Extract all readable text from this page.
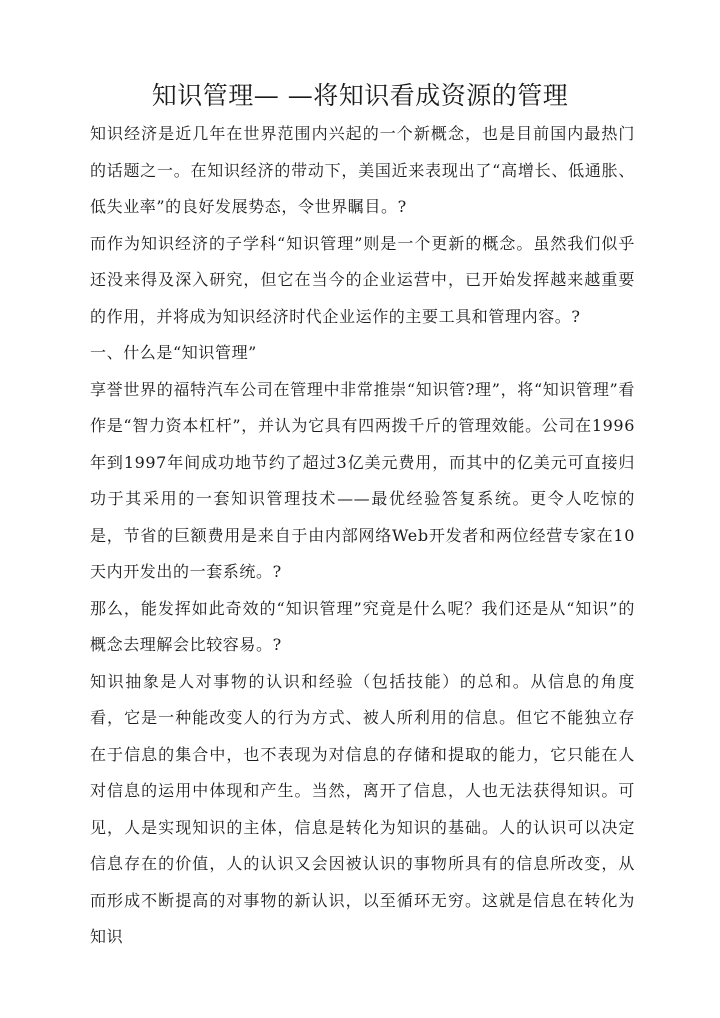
知识管理— —将知识看成资源的管理

知识经济是近几年在世界范围内兴起的一个新概念，也是目前国内最热门的话题之一。在知识经济的带动下，美国近来表现出了“高增长、低通胀、低失业率”的良好发展势态，令世界瞩目。?

而作为知识经济的子学科“知识管理”则是一个更新的概念。虽然我们似乎还没来得及深入研究，但它在当今的企业运营中，已开始发挥越来越重要的作用，并将成为知识经济时代企业运作的主要工具和管理内容。?

一、什么是“知识管理”

享誉世界的福特汽车公司在管理中非常推崇“知识管?理”，将“知识管理”看作是“智力资本杠杆”，并认为它具有四两拨千斤的管理效能。公司在1996年到1997年间成功地节约了超过3亿美元费用，而其中的亿美元可直接归功于其采用的一套知识管理技术——最优经验答复系统。更令人吃惊的是，节省的巨额费用是来自于由内部网络Web开发者和两位经营专家在10天内开发出的一套系统。?

那么，能发挥如此奇效的“知识管理”究竟是什么呢？我们还是从“知识”的概念去理解会比较容易。?

知识抽象是人对事物的认识和经验（包括技能）的总和。从信息的角度看，它是一种能改变人的行为方式、被人所利用的信息。但它不能独立存在于信息的集合中，也不表现为对信息的存储和提取的能力，它只能在人对信息的运用中体现和产生。当然，离开了信息，人也无法获得知识。可见，人是实现知识的主体，信息是转化为知识的基础。人的认识可以决定信息存在的价值，人的认识又会因被认识的事物所具有的信息所改变，从而形成不断提高的对事物的新认识，以至循环无穷。这就是信息在转化为知识
